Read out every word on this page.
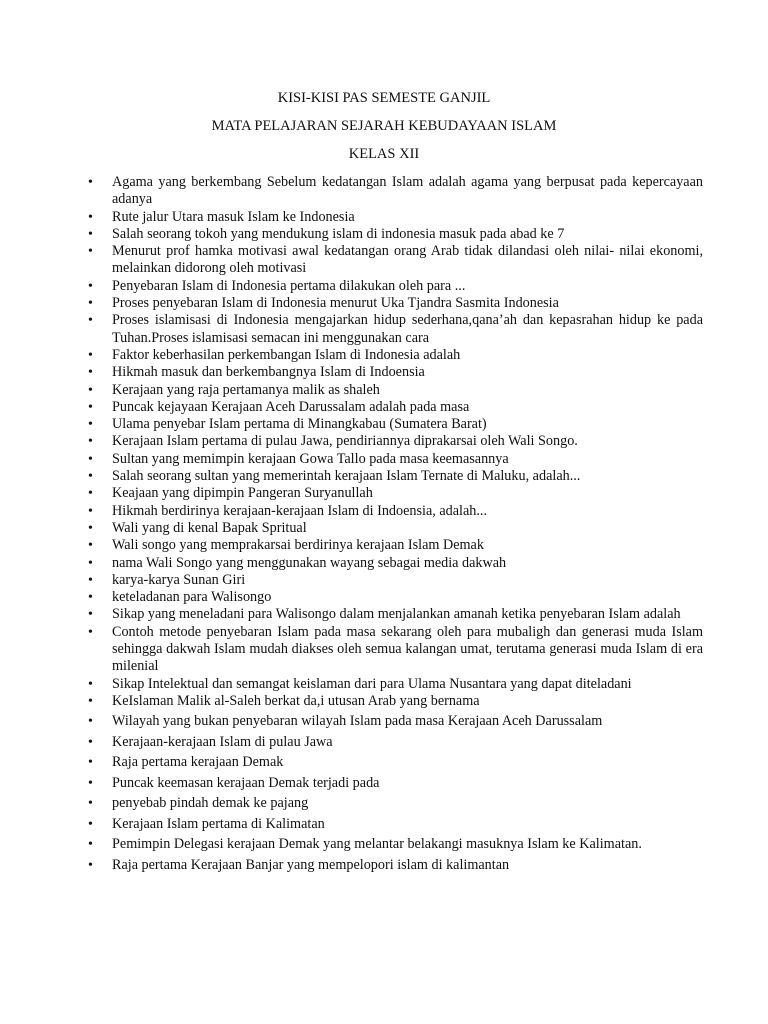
KISI-KISI PAS SEMESTE GANJIL
MATA PELAJARAN SEJARAH KEBUDAYAAN ISLAM
KELAS XII
• Agama yang berkembang Sebelum kedatangan Islam adalah agama yang berpusat pada kepercayaan adanya
• Rute jalur Utara masuk Islam ke Indonesia
• Salah seorang tokoh yang mendukung islam di indonesia masuk pada abad ke 7
• Menurut prof hamka motivasi awal kedatangan orang Arab tidak dilandasi oleh nilai- nilai ekonomi, melainkan didorong oleh motivasi
• Penyebaran Islam di Indonesia pertama dilakukan oleh para ...
• Proses penyebaran Islam di Indonesia menurut Uka Tjandra Sasmita Indonesia
• Proses islamisasi di Indonesia mengajarkan hidup sederhana,qana’ah dan kepasrahan hidup ke pada Tuhan.Proses islamisasi semacan ini menggunakan cara
• Faktor keberhasilan perkembangan Islam di Indonesia adalah
• Hikmah masuk dan berkembangnya Islam di Indoensia
• Kerajaan yang raja pertamanya malik as shaleh
• Puncak kejayaan Kerajaan Aceh Darussalam adalah pada masa
• Ulama penyebar Islam pertama di Minangkabau (Sumatera Barat)
• Kerajaan Islam pertama di pulau Jawa, pendiriannya diprakarsai oleh Wali Songo.
• Sultan yang memimpin kerajaan Gowa Tallo pada masa keemasannya
• Salah seorang sultan yang memerintah kerajaan Islam Ternate di Maluku, adalah...
• Keajaan yang dipimpin Pangeran Suryanullah
• Hikmah berdirinya kerajaan-kerajaan Islam di Indoensia, adalah...
• Wali yang di kenal Bapak Spritual
• Wali songo yang memprakarsai berdirinya kerajaan Islam Demak
• nama Wali Songo yang menggunakan wayang sebagai media dakwah
• karya-karya Sunan Giri
• keteladanan para Walisongo
• Sikap yang meneladani para Walisongo dalam menjalankan amanah ketika penyebaran Islam adalah
• Contoh metode penyebaran Islam pada masa sekarang oleh para mubaligh dan generasi muda Islam sehingga dakwah Islam mudah diakses oleh semua kalangan umat, terutama generasi muda Islam di era milenial
• Sikap Intelektual dan semangat keislaman dari para Ulama Nusantara yang dapat diteladani
• KeIslaman Malik al-Saleh berkat da,i utusan Arab yang bernama
• Wilayah yang bukan penyebaran wilayah Islam pada masa Kerajaan Aceh Darussalam
• Kerajaan-kerajaan Islam di pulau Jawa
• Raja pertama kerajaan Demak
• Puncak keemasan kerajaan Demak terjadi pada
• penyebab pindah demak ke pajang
• Kerajaan Islam pertama di Kalimatan
• Pemimpin Delegasi kerajaan Demak yang melantar belakangi masuknya Islam ke Kalimatan.
• Raja pertama Kerajaan Banjar yang mempelopori islam di kalimantan
